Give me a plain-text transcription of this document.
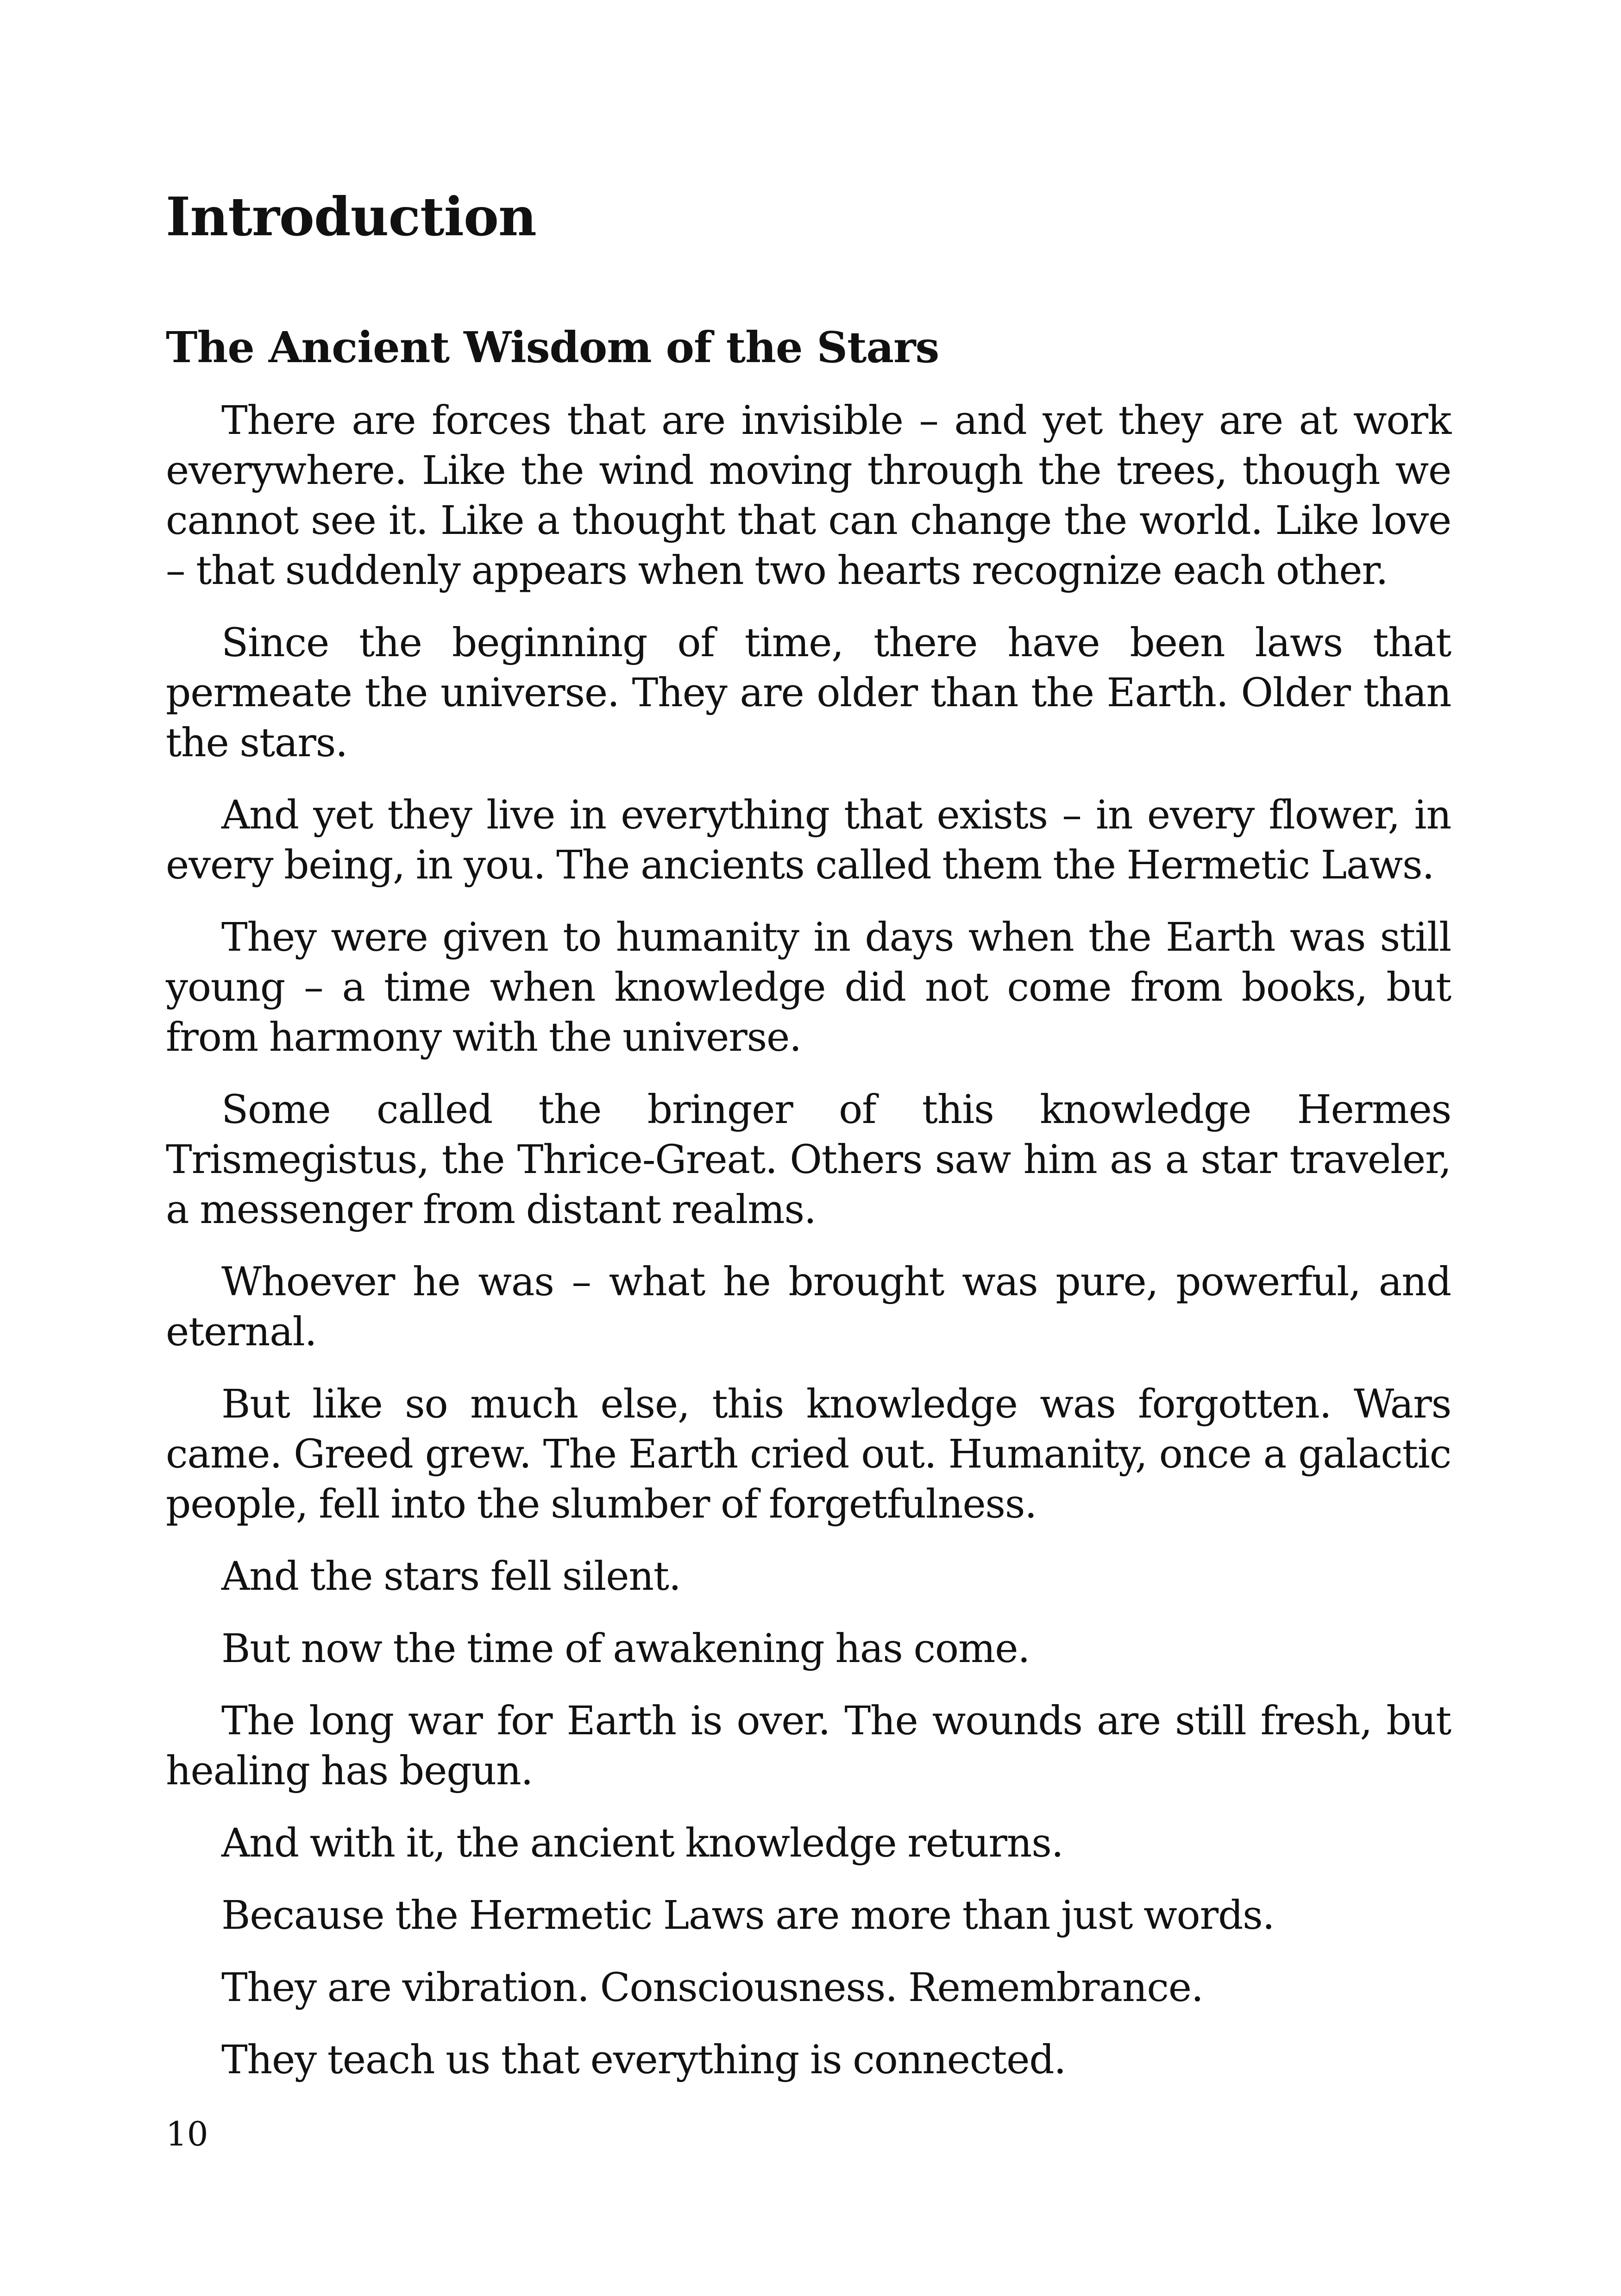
Introduction
The Ancient Wisdom of the Stars

There are forces that are invisible – and yet they are at work everywhere. Like the wind moving through the trees, though we cannot see it. Like a thought that can change the world. Like love – that suddenly appears when two hearts recognize each other.

Since the beginning of time, there have been laws that permeate the universe. They are older than the Earth. Older than the stars.

And yet they live in everything that exists – in every flower, in every being, in you. The ancients called them the Hermetic Laws.

They were given to humanity in days when the Earth was still young – a time when knowledge did not come from books, but from harmony with the universe.

Some called the bringer of this knowledge Hermes Trismegistus, the Thrice-Great. Others saw him as a star traveler, a messenger from distant realms.

Whoever he was – what he brought was pure, powerful, and eternal.

But like so much else, this knowledge was forgotten. Wars came. Greed grew. The Earth cried out. Humanity, once a galactic people, fell into the slumber of forgetfulness.

And the stars fell silent.

But now the time of awakening has come.

The long war for Earth is over. The wounds are still fresh, but healing has begun.

And with it, the ancient knowledge returns.

Because the Hermetic Laws are more than just words.

They are vibration. Consciousness. Remembrance.

They teach us that everything is connected.

10
